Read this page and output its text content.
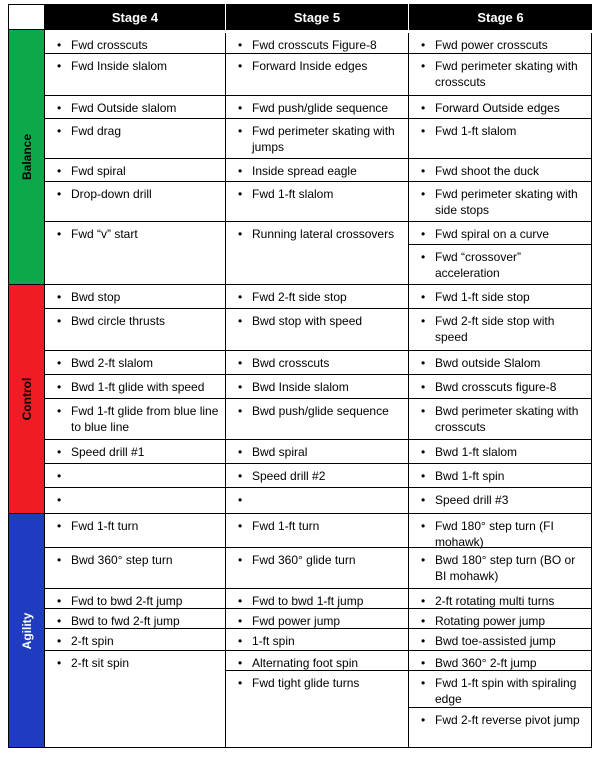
Stage 4	Stage 5	Stage 6
Balance
Control
Agility
• Fwd crosscuts
• Fwd Inside slalom
• Fwd Outside slalom
• Fwd drag
• Fwd spiral
• Drop-down drill
• Fwd “v” start
• Fwd crosscuts Figure-8
• Forward Inside edges
• Fwd push/glide sequence
• Fwd perimeter skating with jumps
• Inside spread eagle
• Fwd 1-ft slalom
• Running lateral crossovers
• Fwd power crosscuts
• Fwd perimeter skating with crosscuts
• Forward Outside edges
• Fwd 1-ft slalom
• Fwd shoot the duck
• Fwd perimeter skating with side stops
• Fwd spiral on a curve
• Fwd “crossover” acceleration
• Bwd stop
• Bwd circle thrusts
• Bwd 2-ft slalom
• Bwd 1-ft glide with speed
• Fwd 1-ft glide from blue line to blue line
• Speed drill #1
•
•
• Fwd 2-ft side stop
• Bwd stop with speed
• Bwd crosscuts
• Bwd Inside slalom
• Bwd push/glide sequence
• Bwd spiral
• Speed drill #2
•
• Fwd 1-ft side stop
• Fwd 2-ft side stop with speed
• Bwd outside Slalom
• Bwd crosscuts figure-8
• Bwd perimeter skating with crosscuts
• Bwd 1-ft slalom
• Bwd 1-ft spin
• Speed drill #3
• Fwd 1-ft turn
• Bwd 360° step turn
• Fwd to bwd 2-ft jump
• Bwd to fwd 2-ft jump
• 2-ft spin
• 2-ft sit spin
• Fwd 1-ft turn
• Fwd 360° glide turn
• Fwd to bwd 1-ft jump
• Fwd power jump
• 1-ft spin
• Alternating foot spin
• Fwd tight glide turns
• Fwd 180° step turn (FI mohawk)
• Bwd 180° step turn (BO or BI mohawk)
• 2-ft rotating multi turns
• Rotating power jump
• Bwd toe-assisted jump
• Bwd 360° 2-ft jump
• Fwd 1-ft spin with spiraling edge
• Fwd 2-ft reverse pivot jump
